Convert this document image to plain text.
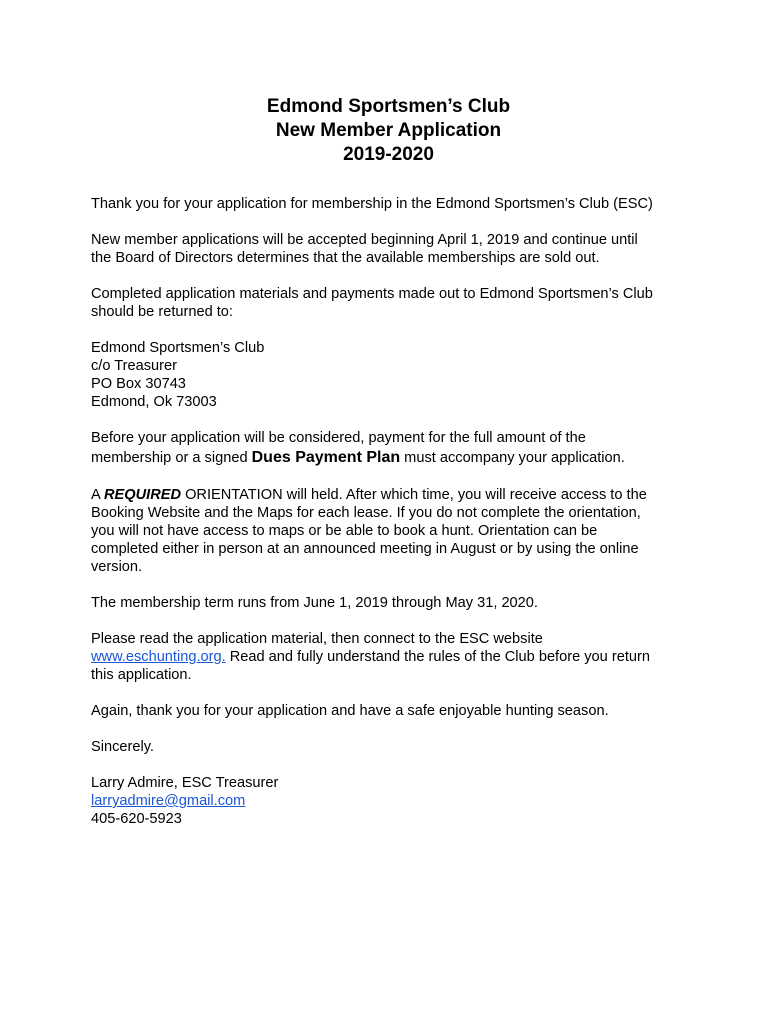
Edmond Sportsmen’s Club
New Member Application
2019-2020

Thank you for your application for membership in the Edmond Sportsmen’s Club (ESC)

New member applications will be accepted beginning April 1, 2019 and continue until
the Board of Directors determines that the available memberships are sold out.

Completed application materials and payments made out to Edmond Sportsmen’s Club
should be returned to:

Edmond Sportsmen’s Club
c/o Treasurer
PO Box 30743
Edmond, Ok 73003

Before your application will be considered, payment for the full amount of the
membership or a signed Dues Payment Plan must accompany your application.

A REQUIRED ORIENTATION will held. After which time, you will receive access to the
Booking Website and the Maps for each lease. If you do not complete the orientation,
you will not have access to maps or be able to book a hunt. Orientation can be
completed either in person at an announced meeting in August or by using the online
version.

The membership term runs from June 1, 2019 through May 31, 2020.

Please read the application material, then connect to the ESC website
www.eschunting.org. Read and fully understand the rules of the Club before you return
this application.

Again, thank you for your application and have a safe enjoyable hunting season.

Sincerely.

Larry Admire, ESC Treasurer
larryadmire@gmail.com
405-620-5923
